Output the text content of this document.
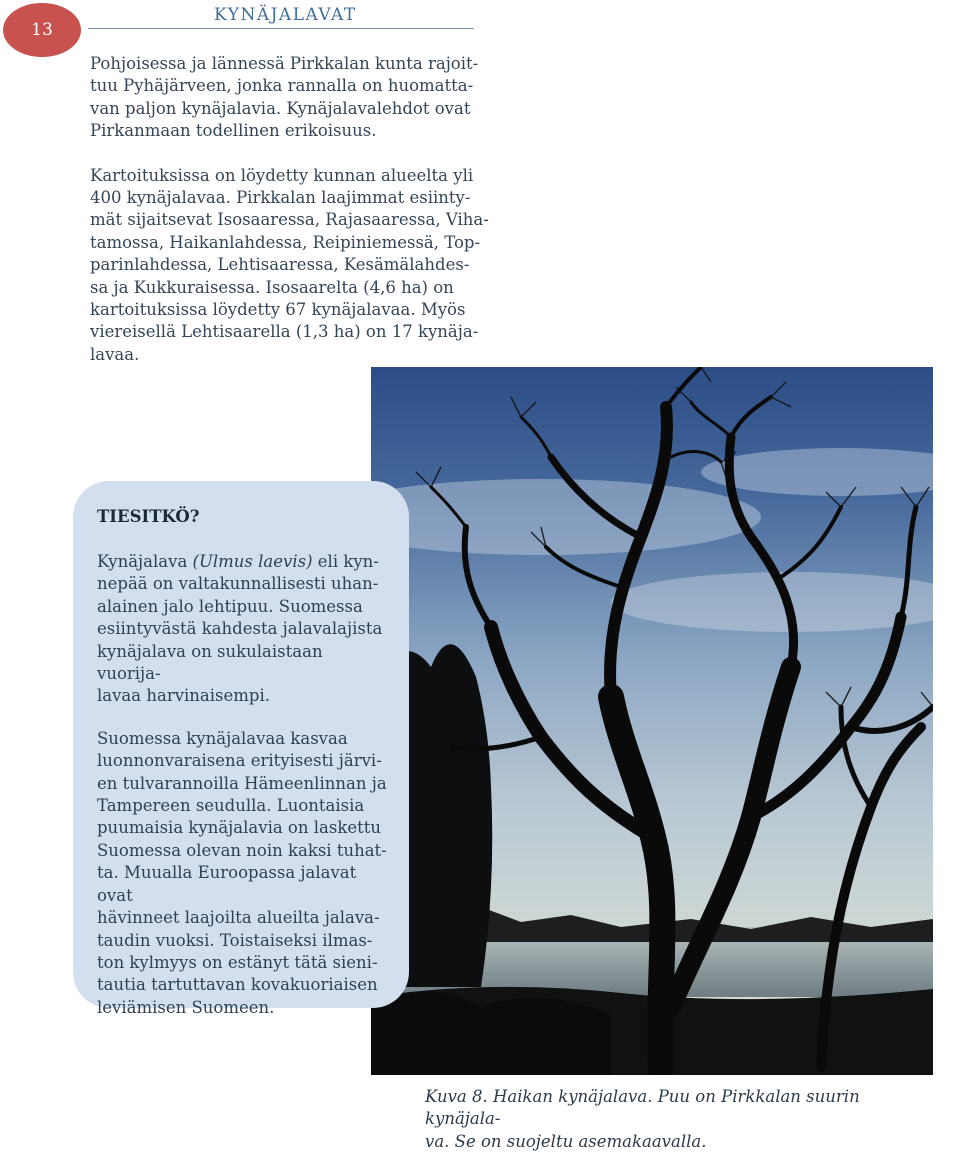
13
KYNÄJALAVAT

Pohjoisessa ja lännessä Pirkkalan kunta rajoit-
tuu Pyhäjärveen, jonka rannalla on huomatta-
van paljon kynäjalavia. Kynäjalavalehdot ovat
Pirkanmaan todellinen erikoisuus.

Kartoituksissa on löydetty kunnan alueelta yli
400 kynäjalavaa. Pirkkalan laajimmat esiinty-
mät sijaitsevat Isosaaressa, Rajasaaressa, Viha-
tamossa, Haikanlahdessa, Reipiniemessä, Top-
parinlahdessa, Lehtisaaressa, Kesämälahdes-
sa ja Kukkuraisessa. Isosaarelta (4,6 ha) on
kartoituksissa löydetty 67 kynäjalavaa. Myös
viereisellä Lehtisaarella (1,3 ha) on 17 kynäja-
lavaa.

TIESITKÖ?

Kynäjalava (Ulmus laevis) eli kyn-
nepää on valtakunnallisesti uhan-
alainen jalo lehtipuu. Suomessa
esiintyvästä kahdesta jalavalajista
kynäjalava on sukulaistaan vuorija-
lavaa harvinaisempi.

Suomessa kynäjalavaa kasvaa
luonnonvaraisena erityisesti järvi-
en tulvarannoilla Hämeenlinnan ja
Tampereen seudulla. Luontaisia
puumaisia kynäjalavia on laskettu
Suomessa olevan noin kaksi tuhat-
ta. Muualla Euroopassa jalavat ovat
hävinneet laajoilta alueilta jalava-
taudin vuoksi. Toistaiseksi ilmas-
ton kylmyys on estänyt tätä sieni-
tautia tartuttavan kovakuoriaisen
leviämisen Suomeen.

Kuva 8. Haikan kynäjalava. Puu on Pirkkalan suurin kynäjala-
va. Se on suojeltu asemakaavalla.
